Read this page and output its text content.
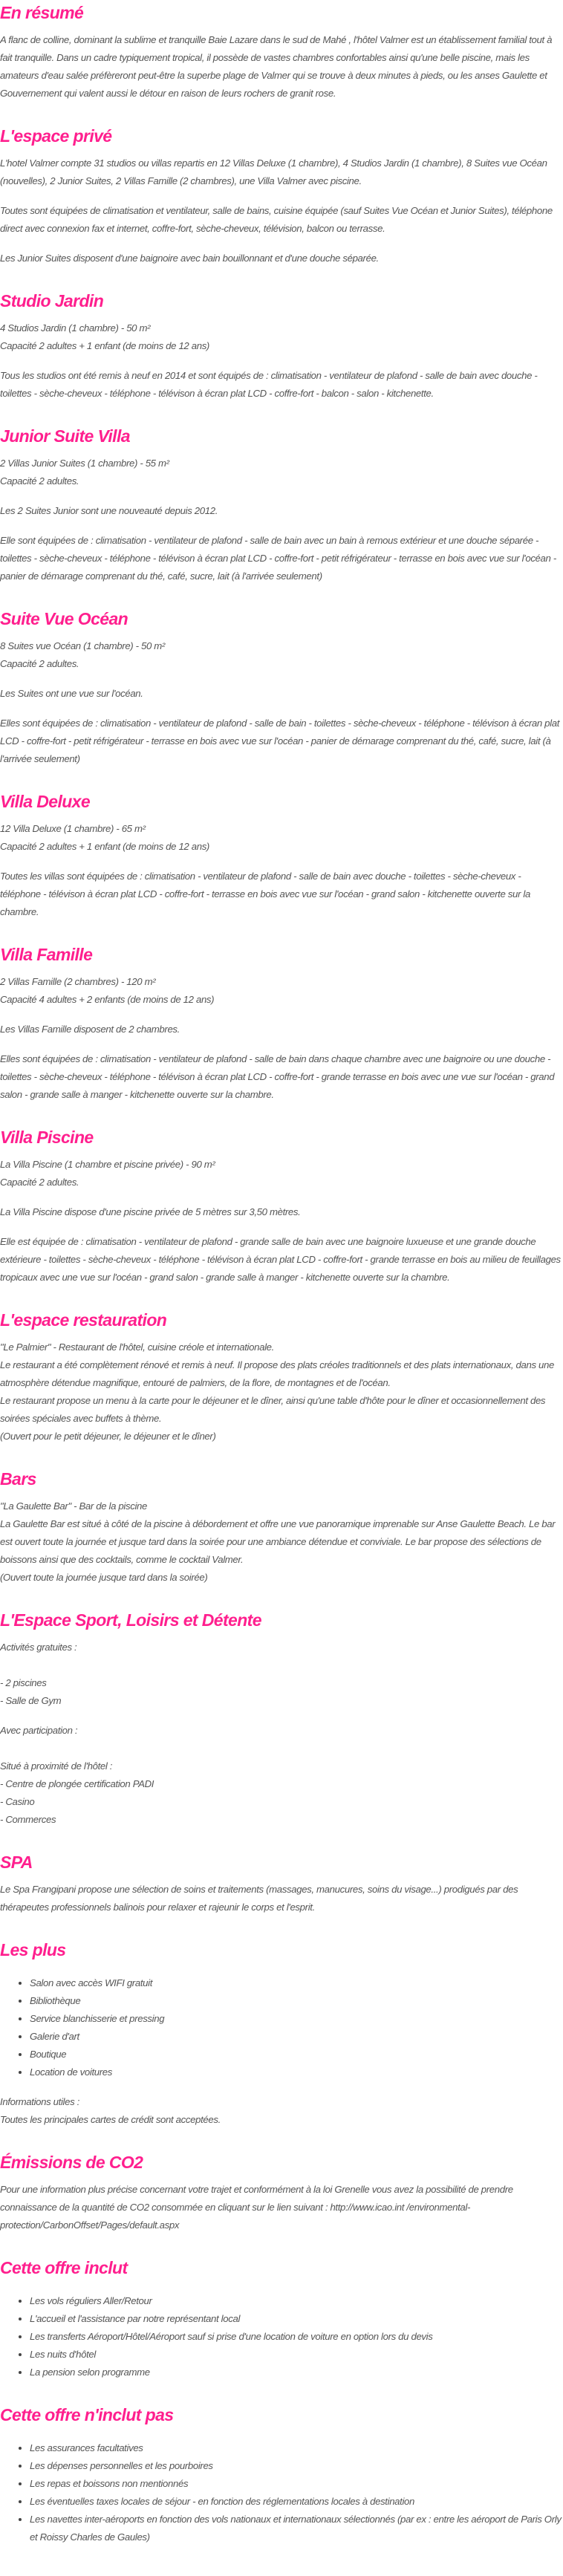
En résumé

A flanc de colline, dominant la sublime et tranquille Baie Lazare dans le sud de Mahé , l'hôtel Valmer est un établissement familial tout à fait tranquille. Dans un cadre typiquement tropical, il possède de vastes chambres confortables ainsi qu'une belle piscine, mais les amateurs d'eau salée préfèreront peut-être la superbe plage de Valmer qui se trouve à deux minutes à pieds, ou les anses Gaulette et Gouvernement qui valent aussi le détour en raison de leurs rochers de granit rose.

L'espace privé

L'hotel Valmer compte 31 studios ou villas repartis en 12 Villas Deluxe (1 chambre), 4 Studios Jardin (1 chambre), 8 Suites vue Océan (nouvelles), 2 Junior Suites, 2 Villas Famille (2 chambres), une Villa Valmer avec piscine.

Toutes sont équipées de climatisation et ventilateur, salle de bains, cuisine équipée (sauf Suites Vue Océan et Junior Suites), téléphone direct avec connexion fax et internet, coffre-fort, sèche-cheveux, télévision, balcon ou terrasse.

Les Junior Suites disposent d'une baignoire avec bain bouillonnant et d'une douche séparée.

Studio Jardin

4 Studios Jardin (1 chambre) - 50 m²
Capacité 2 adultes + 1 enfant (de moins de 12 ans)

Tous les studios ont été remis à neuf en 2014 et sont équipés de : climatisation - ventilateur de plafond - salle de bain avec douche - toilettes - sèche-cheveux - téléphone - télévison à écran plat LCD - coffre-fort - balcon - salon - kitchenette.

Junior Suite Villa

2 Villas Junior Suites (1 chambre) - 55 m²
Capacité 2 adultes.

Les 2 Suites Junior sont une nouveauté depuis 2012.

Elle sont équipées de : climatisation - ventilateur de plafond - salle de bain avec un bain à remous extérieur et une douche séparée - toilettes - sèche-cheveux - téléphone - télévison à écran plat LCD - coffre-fort - petit réfrigérateur - terrasse en bois avec vue sur l'océan - panier de démarage comprenant du thé, café, sucre, lait (à l'arrivée seulement)

Suite Vue Océan

8 Suites vue Océan (1 chambre) - 50 m²
Capacité 2 adultes.

Les Suites ont une vue sur l'océan.

Elles sont équipées de : climatisation - ventilateur de plafond - salle de bain - toilettes - sèche-cheveux - téléphone - télévison à écran plat LCD - coffre-fort - petit réfrigérateur - terrasse en bois avec vue sur l'océan - panier de démarage comprenant du thé, café, sucre, lait (à l'arrivée seulement)

Villa Deluxe

12 Villa Deluxe (1 chambre) - 65 m²
Capacité 2 adultes + 1 enfant (de moins de 12 ans)

Toutes les villas sont équipées de : climatisation - ventilateur de plafond - salle de bain avec douche - toilettes - sèche-cheveux - téléphone - télévison à écran plat LCD - coffre-fort - terrasse en bois avec vue sur l'océan - grand salon - kitchenette ouverte sur la chambre.

Villa Famille

2 Villas Famille (2 chambres) - 120 m²
Capacité 4 adultes + 2 enfants (de moins de 12 ans)

Les Villas Famille disposent de 2 chambres.

Elles sont équipées de : climatisation - ventilateur de plafond - salle de bain dans chaque chambre avec une baignoire ou une douche - toilettes - sèche-cheveux - téléphone - télévison à écran plat LCD - coffre-fort - grande terrasse en bois avec une vue sur l'océan - grand salon - grande salle à manger - kitchenette ouverte sur la chambre.

Villa Piscine

La Villa Piscine (1 chambre et piscine privée) - 90 m²
Capacité 2 adultes.

La Villa Piscine dispose d'une piscine privée de 5 mètres sur 3,50 mètres.

Elle est équipée de : climatisation - ventilateur de plafond - grande salle de bain avec une baignoire luxueuse et une grande douche extérieure - toilettes - sèche-cheveux - téléphone - télévison à écran plat LCD - coffre-fort - grande terrasse en bois au milieu de feuillages tropicaux avec une vue sur l'océan - grand salon - grande salle à manger - kitchenette ouverte sur la chambre.

L'espace restauration

"Le Palmier" - Restaurant de l'hôtel, cuisine créole et internationale.
Le restaurant a été complètement rénové et remis à neuf. Il propose des plats créoles traditionnels et des plats internationaux, dans une atmosphère détendue magnifique, entouré de palmiers, de la flore, de montagnes et de l'océan.
Le restaurant propose un menu à la carte pour le déjeuner et le dîner, ainsi qu'une table d'hôte pour le dîner et occasionnellement des soirées spéciales avec buffets à thème.
(Ouvert pour le petit déjeuner, le déjeuner et le dîner)

Bars

"La Gaulette Bar" - Bar de la piscine
La Gaulette Bar est situé à côté de la piscine à débordement et offre une vue panoramique imprenable sur Anse Gaulette Beach. Le bar est ouvert toute la journée et jusque tard dans la soirée pour une ambiance détendue et conviviale. Le bar propose des sélections de boissons ainsi que des cocktails, comme le cocktail Valmer.
(Ouvert toute la journée jusque tard dans la soirée)

L'Espace Sport, Loisirs et Détente

Activités gratuites :

- 2 piscines
- Salle de Gym

Avec participation :

Situé à proximité de l'hôtel :
- Centre de plongée certification PADI
- Casino
- Commerces

SPA

Le Spa Frangipani propose une sélection de soins et traitements (massages, manucures, soins du visage...) prodigués par des thérapeutes professionnels balinois pour relaxer et rajeunir le corps et l'esprit.

Les plus
• Salon avec accès WIFI gratuit
• Bibliothèque
• Service blanchisserie et pressing
• Galerie d'art
• Boutique
• Location de voitures

Informations utiles :
Toutes les principales cartes de crédit sont acceptées.

Émissions de CO2

Pour une information plus précise concernant votre trajet et conformément à la loi Grenelle vous avez la possibilité de prendre connaissance de la quantité de CO2 consommée en cliquant sur le lien suivant : http://www.icao.int /environmental-protection/CarbonOffset/Pages/default.aspx

Cette offre inclut
• Les vols réguliers Aller/Retour
• L'accueil et l'assistance par notre représentant local
• Les transferts Aéroport/Hôtel/Aéroport sauf si prise d'une location de voiture en option lors du devis
• Les nuits d'hôtel
• La pension selon programme
Cette offre n'inclut pas
• Les assurances facultatives
• Les dépenses personnelles et les pourboires
• Les repas et boissons non mentionnés
• Les éventuelles taxes locales de séjour - en fonction des réglementations locales à destination
• Les navettes inter-aéroports en fonction des vols nationaux et internationaux sélectionnés (par ex : entre les aéroport de Paris Orly et Roissy Charles de Gaules)
